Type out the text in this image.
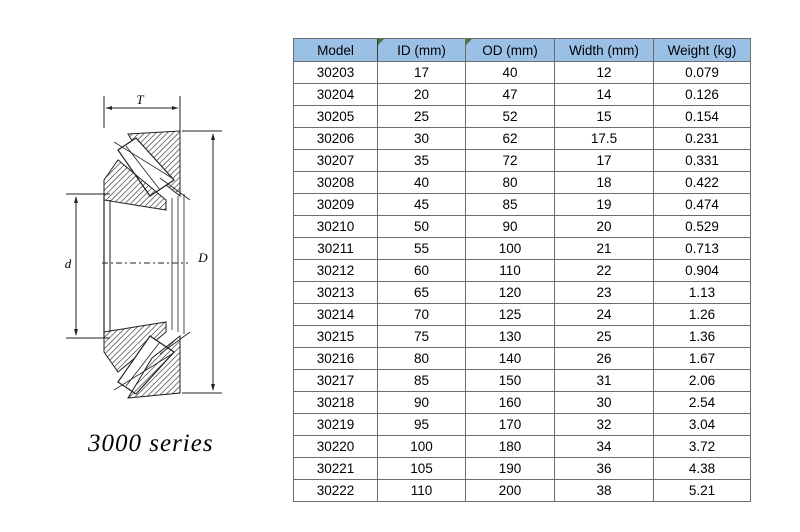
T
D
d
3000 series
Model	ID (mm)	OD (mm)	Width (mm)	Weight (kg)
30203	17	40	12	0.079
30204	20	47	14	0.126
30205	25	52	15	0.154
30206	30	62	17.5	0.231
30207	35	72	17	0.331
30208	40	80	18	0.422
30209	45	85	19	0.474
30210	50	90	20	0.529
30211	55	100	21	0.713
30212	60	110	22	0.904
30213	65	120	23	1.13
30214	70	125	24	1.26
30215	75	130	25	1.36
30216	80	140	26	1.67
30217	85	150	31	2.06
30218	90	160	30	2.54
30219	95	170	32	3.04
30220	100	180	34	3.72
30221	105	190	36	4.38
30222	110	200	38	5.21
